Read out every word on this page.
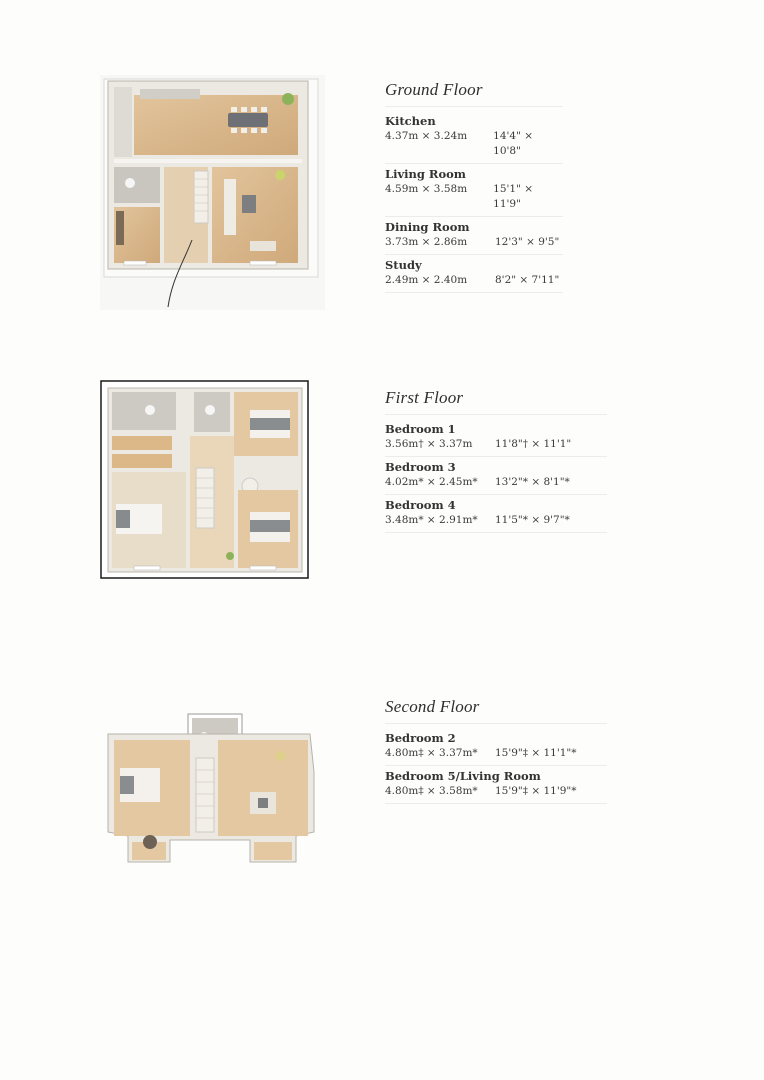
Ground Floor
Kitchen
4.37m × 3.24m	14'4" × 10'8"
Living Room
4.59m × 3.58m	15'1" × 11'9"
Dining Room
3.73m × 2.86m	12'3" × 9'5"
Study
2.49m × 2.40m	8'2" × 7'11"
First Floor
Bedroom 1
3.56m† × 3.37m	11'8"† × 11'1"
Bedroom 3
4.02m* × 2.45m*	13'2"* × 8'1"*
Bedroom 4
3.48m* × 2.91m*	11'5"* × 9'7"*
Second Floor
Bedroom 2
4.80m‡ × 3.37m*	15'9"‡ × 11'1"*
Bedroom 5/Living Room
4.80m‡ × 3.58m*	15'9"‡ × 11'9"*
